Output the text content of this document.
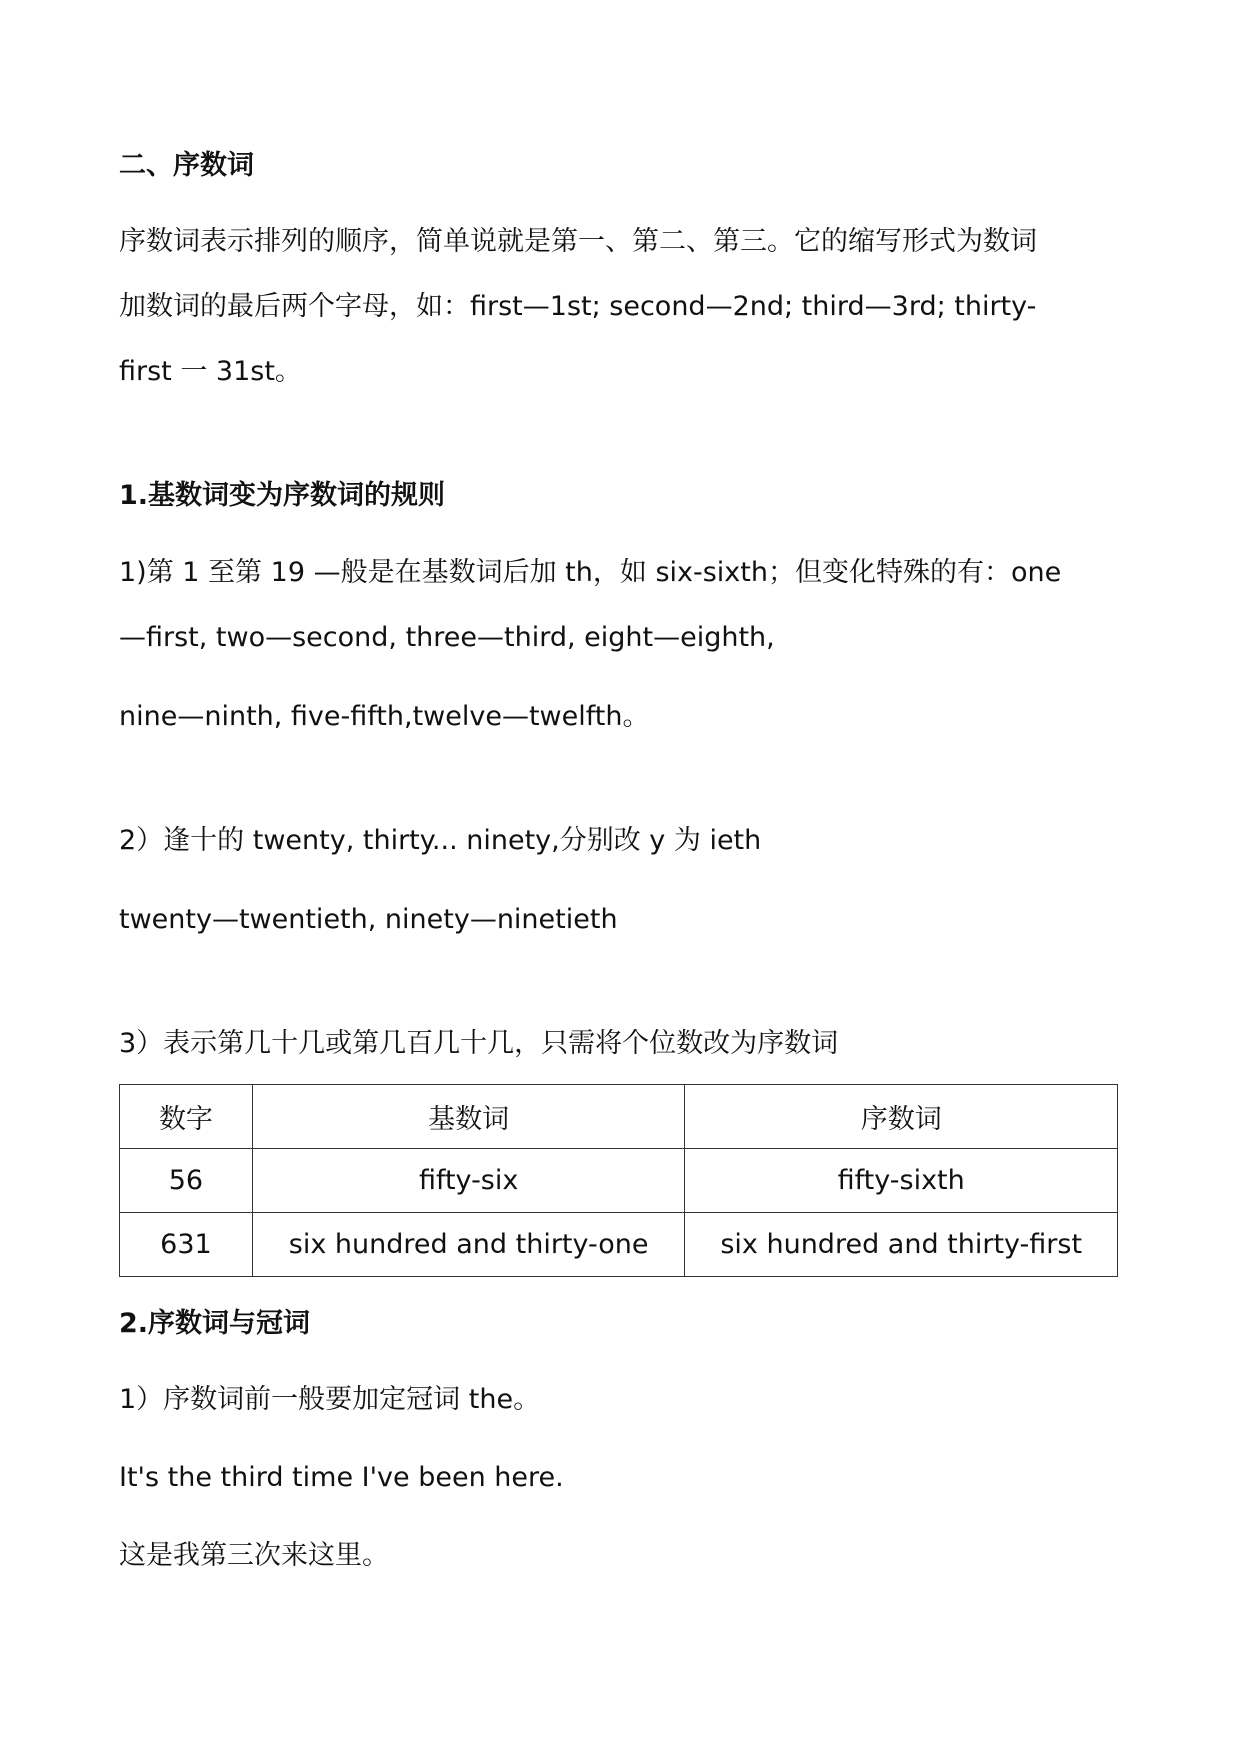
二、序数词

序数词表示排列的顺序，简单说就是第一、第二、第三。它的缩写形式为数词

加数词的最后两个字母，如：first—1st; second—2nd; third—3rd; thirty-

first 一 31st。

1.基数词变为序数词的规则

1)第 1 至第 19 —般是在基数词后加 th，如 six-sixth；但变化特殊的有：one

—first, two—second, three—third, eight—eighth,

nine—ninth, five-fifth,twelve—twelfth。

2）逢十的 twenty, thirty... ninety,分别改 y 为 ieth

twenty—twentieth, ninety—ninetieth

3）表示第几十几或第几百几十几，只需将个位数改为序数词

数字	基数词	序数词
56	fifty-six	fifty-sixth
631	six hundred and thirty-one	six hundred and thirty-first

2.序数词与冠词

1）序数词前一般要加定冠词 the。

It's the third time I've been here.

这是我第三次来这里。
